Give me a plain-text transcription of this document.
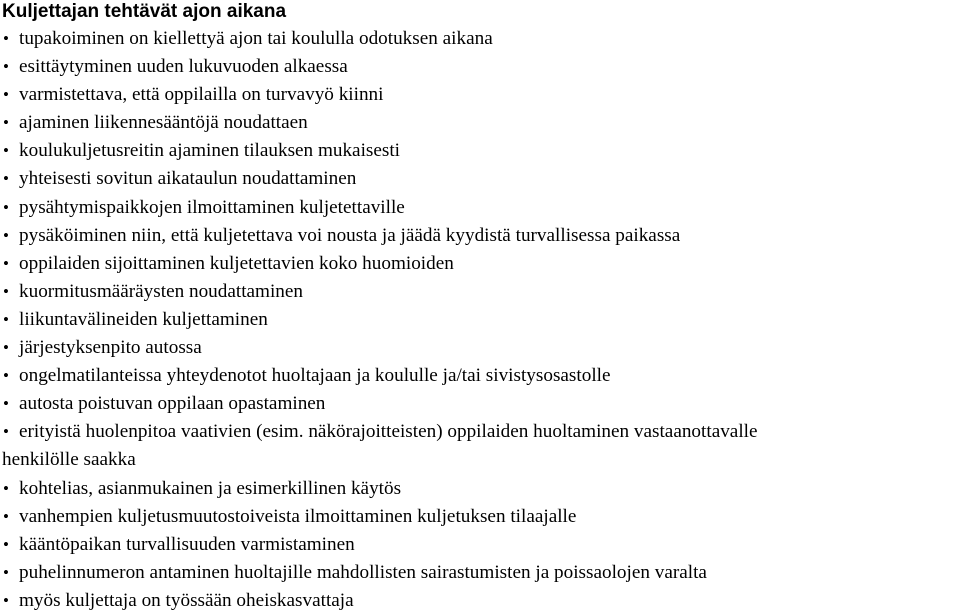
Kuljettajan tehtävät ajon aikana
• tupakoiminen on kiellettyä ajon tai koululla odotuksen aikana
• esittäytyminen uuden lukuvuoden alkaessa
• varmistettava, että oppilailla on turvavyö kiinni
• ajaminen liikennesääntöjä noudattaen
• koulukuljetusreitin ajaminen tilauksen mukaisesti
• yhteisesti sovitun aikataulun noudattaminen
• pysähtymispaikkojen ilmoittaminen kuljetettaville
• pysäköiminen niin, että kuljetettava voi nousta ja jäädä kyydistä turvallisessa paikassa
• oppilaiden sijoittaminen kuljetettavien koko huomioiden
• kuormitusmääräysten noudattaminen
• liikuntavälineiden kuljettaminen
• järjestyksenpito autossa
• ongelmatilanteissa yhteydenotot huoltajaan ja koululle ja/tai sivistysosastolle
• autosta poistuvan oppilaan opastaminen
• erityistä huolenpitoa vaativien (esim. näkörajoitteisten) oppilaiden huoltaminen vastaanottavalle
henkilölle saakka
• kohtelias, asianmukainen ja esimerkillinen käytös
• vanhempien kuljetusmuutostoiveista ilmoittaminen kuljetuksen tilaajalle
• kääntöpaikan turvallisuuden varmistaminen
• puhelinnumeron antaminen huoltajille mahdollisten sairastumisten ja poissaolojen varalta
• myös kuljettaja on työssään oheiskasvattaja
